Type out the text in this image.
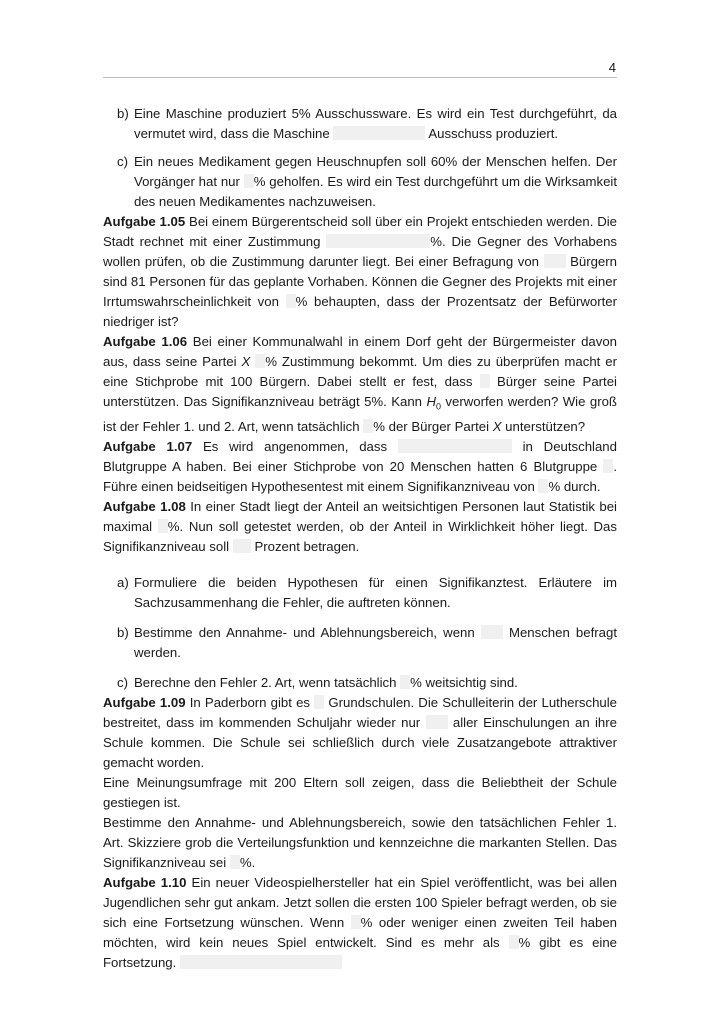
4
b) Eine Maschine produziert 5% Ausschussware. Es wird ein Test durchgeführt, da vermutet wird, dass die Maschine	Ausschuss produziert.

c) Ein neues Medikament gegen Heuschnupfen soll 60% der Menschen helfen. Der Vorgänger hat nur % geholfen. Es wird ein Test durchgeführt um die Wirksamkeit des neuen Medikamentes nachzuweisen.

Aufgabe 1.05 Bei einem Bürgerentscheid soll über ein Projekt entschieden werden. Die Stadt rechnet mit einer Zustimmung	%. Die Gegner des Vorhabens wollen prüfen, ob die Zustimmung darunter liegt. Bei einer Befragung von Bürgern sind 81 Personen für das geplante Vorhaben. Können die Gegner des Projekts mit einer Irrtumswahrscheinlichkeit von % behaupten, dass der Prozentsatz der Befürworter niedriger ist?

Aufgabe 1.06 Bei einer Kommunalwahl in einem Dorf geht der Bürgermeister davon aus, dass seine Partei X % Zustimmung bekommt. Um dies zu überprüfen macht er eine Stichprobe mit 100 Bürgern. Dabei stellt er fest, dass Bürger seine Partei unterstützen. Das Signifikanzniveau beträgt 5%. Kann $H_0$ verworfen werden? Wie groß ist der Fehler 1. und 2. Art, wenn tatsächlich % der Bürger Partei X unterstützen?

Aufgabe 1.07 Es wird angenommen, dass	in Deutschland Blutgruppe A haben. Bei einer Stichprobe von 20 Menschen hatten 6 Blutgruppe . Führe einen beidseitigen Hypothesentest mit einem Signifikanzniveau von % durch.

Aufgabe 1.08 In einer Stadt liegt der Anteil an weitsichtigen Personen laut Statistik bei maximal %. Nun soll getestet werden, ob der Anteil in Wirklichkeit höher liegt. Das Signifikanzniveau soll Prozent betragen.

a) Formuliere die beiden Hypothesen für einen Signifikanztest. Erläutere im Sachzusammenhang die Fehler, die auftreten können.

b) Bestimme den Annahme- und Ablehnungsbereich, wenn	Menschen befragt werden.

c) Berechne den Fehler 2. Art, wenn tatsächlich % weitsichtig sind.

Aufgabe 1.09 In Paderborn gibt es Grundschulen. Die Schulleiterin der Lutherschule bestreitet, dass im kommenden Schuljahr wieder nur aller Einschulungen an ihre Schule kommen. Die Schule sei schließlich durch viele Zusatzangebote attraktiver gemacht worden.

Eine Meinungsumfrage mit 200 Eltern soll zeigen, dass die Beliebtheit der Schule gestiegen ist.

Bestimme den Annahme- und Ablehnungsbereich, sowie den tatsächlichen Fehler 1. Art. Skizziere grob die Verteilungsfunktion und kennzeichne die markanten Stellen. Das Signifikanzniveau sei %.

Aufgabe 1.10 Ein neuer Videospielhersteller hat ein Spiel veröffentlicht, was bei allen Jugendlichen sehr gut ankam. Jetzt sollen die ersten 100 Spieler befragt werden, ob sie sich eine Fortsetzung wünschen. Wenn % oder weniger einen zweiten Teil haben möchten, wird kein neues Spiel entwickelt. Sind es mehr als % gibt es eine Fortsetzung.
